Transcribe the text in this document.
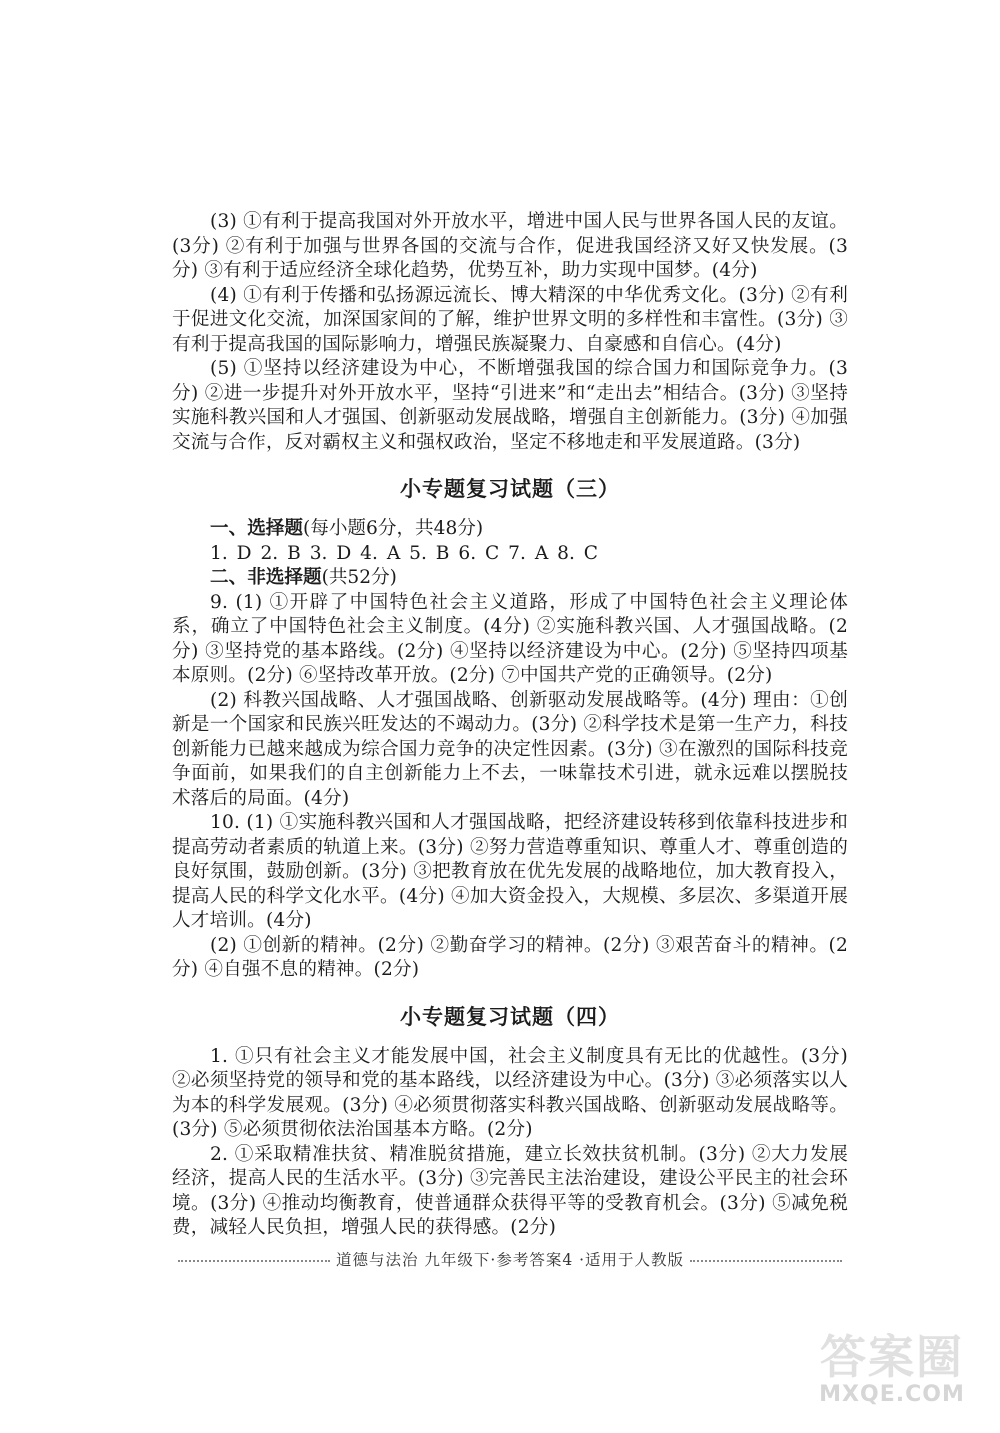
(3) ①有利于提高我国对外开放水平，增进中国人民与世界各国人民的友谊。(3分) ②有利于加强与世界各国的交流与合作，促进我国经济又好又快发展。(3分) ③有利于适应经济全球化趋势，优势互补，助力实现中国梦。(4分)

(4) ①有利于传播和弘扬源远流长、博大精深的中华优秀文化。(3分) ②有利于促进文化交流，加深国家间的了解，维护世界文明的多样性和丰富性。(3分) ③有利于提高我国的国际影响力，增强民族凝聚力、自豪感和自信心。(4分)

(5) ①坚持以经济建设为中心，不断增强我国的综合国力和国际竞争力。(3分) ②进一步提升对外开放水平，坚持“引进来”和“走出去”相结合。(3分) ③坚持实施科教兴国和人才强国、创新驱动发展战略，增强自主创新能力。(3分) ④加强交流与合作，反对霸权主义和强权政治，坚定不移地走和平发展道路。(3分)

小专题复习试题（三）

一、选择题(每小题6分，共48分)

1. D 2. B 3. D 4. A 5. B 6. C 7. A 8. C

二、非选择题(共52分)

9. (1) ①开辟了中国特色社会主义道路，形成了中国特色社会主义理论体系，确立了中国特色社会主义制度。(4分) ②实施科教兴国、人才强国战略。(2分) ③坚持党的基本路线。(2分) ④坚持以经济建设为中心。(2分) ⑤坚持四项基本原则。(2分) ⑥坚持改革开放。(2分) ⑦中国共产党的正确领导。(2分)

(2) 科教兴国战略、人才强国战略、创新驱动发展战略等。(4分) 理由：①创新是一个国家和民族兴旺发达的不竭动力。(3分) ②科学技术是第一生产力，科技创新能力已越来越成为综合国力竞争的决定性因素。(3分) ③在激烈的国际科技竞争面前，如果我们的自主创新能力上不去，一味靠技术引进，就永远难以摆脱技术落后的局面。(4分)

10. (1) ①实施科教兴国和人才强国战略，把经济建设转移到依靠科技进步和提高劳动者素质的轨道上来。(3分) ②努力营造尊重知识、尊重人才、尊重创造的良好氛围，鼓励创新。(3分) ③把教育放在优先发展的战略地位，加大教育投入，提高人民的科学文化水平。(4分) ④加大资金投入，大规模、多层次、多渠道开展人才培训。(4分)

(2) ①创新的精神。(2分) ②勤奋学习的精神。(2分) ③艰苦奋斗的精神。(2分) ④自强不息的精神。(2分)

小专题复习试题（四）

1. ①只有社会主义才能发展中国，社会主义制度具有无比的优越性。(3分) ②必须坚持党的领导和党的基本路线，以经济建设为中心。(3分) ③必须落实以人为本的科学发展观。(3分) ④必须贯彻落实科教兴国战略、创新驱动发展战略等。(3分) ⑤必须贯彻依法治国基本方略。(2分)

2. ①采取精准扶贫、精准脱贫措施，建立长效扶贫机制。(3分) ②大力发展经济，提高人民的生活水平。(3分) ③完善民主法治建设，建设公平民主的社会环境。(3分) ④推动均衡教育，使普通群众获得平等的受教育机会。(3分) ⑤减免税费，减轻人民负担，增强人民的获得感。(2分)

道德与法治 九年级下·参考答案4 ·适用于人教版
答案圈
MXQE.COM
